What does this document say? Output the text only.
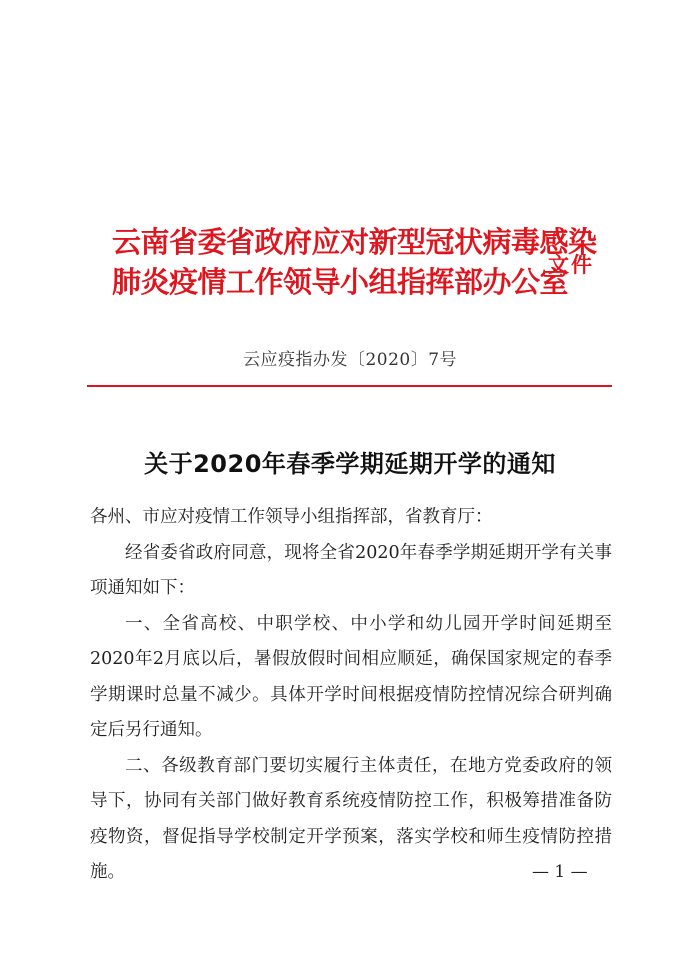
云南省委省政府应对新型冠状病毒感染
肺炎疫情工作领导小组指挥部办公室
文件
云应疫指办发〔2020〕7号
关于2020年春季学期延期开学的通知

各州、市应对疫情工作领导小组指挥部，省教育厅：

经省委省政府同意，现将全省2020年春季学期延期开学有关事项通知如下：

一、全省高校、中职学校、中小学和幼儿园开学时间延期至2020年2月底以后，暑假放假时间相应顺延，确保国家规定的春季学期课时总量不减少。具体开学时间根据疫情防控情况综合研判确定后另行通知。

二、各级教育部门要切实履行主体责任，在地方党委政府的领导下，协同有关部门做好教育系统疫情防控工作，积极筹措准备防疫物资，督促指导学校制定开学预案，落实学校和师生疫情防控措施。	— 1 —
